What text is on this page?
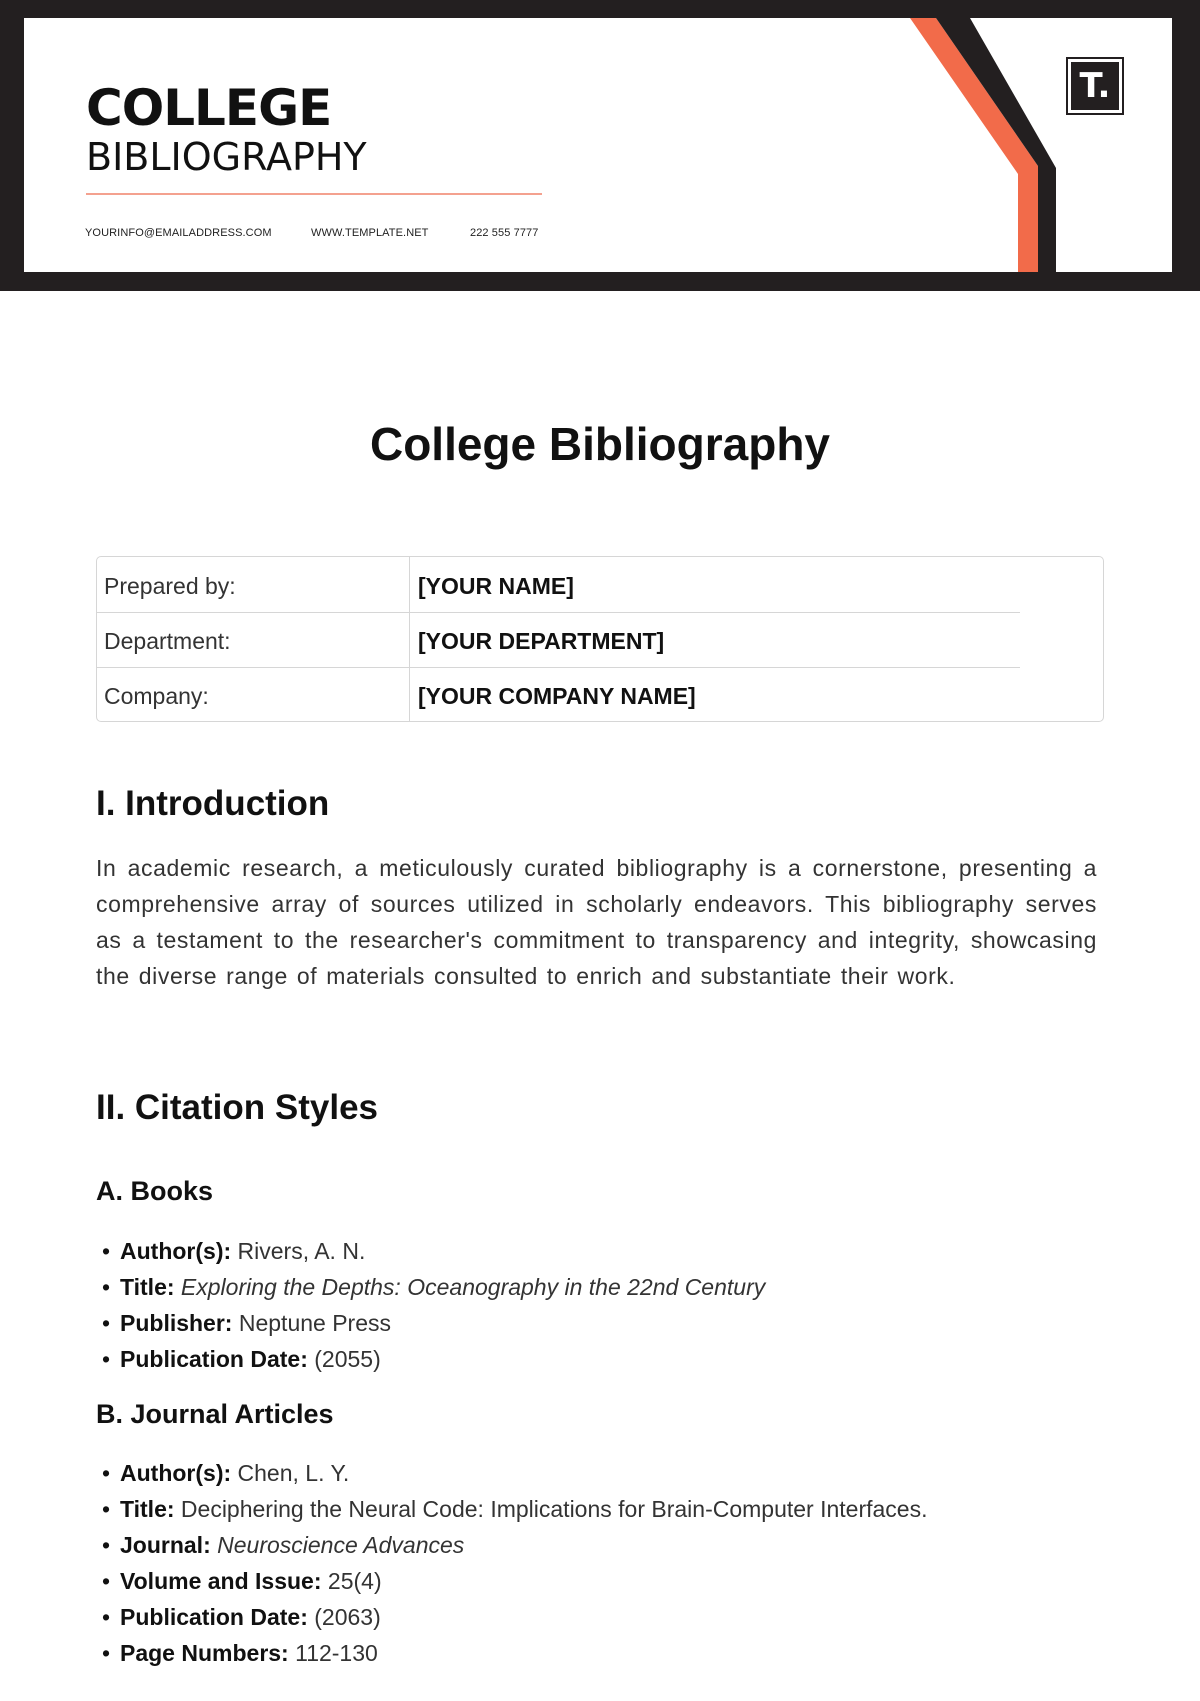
COLLEGE
BIBLIOGRAPHY
YOURINFO@EMAILADDRESS.COM	WWW.TEMPLATE.NET	222 555 7777
T.
College Bibliography
Prepared by:	[YOUR NAME]
Department:	[YOUR DEPARTMENT]
Company:	[YOUR COMPANY NAME]
I. Introduction

In academic research, a meticulously curated bibliography is a cornerstone, presenting a comprehensive array of sources utilized in scholarly endeavors. This bibliography serves as a testament to the researcher's commitment to transparency and integrity, showcasing the diverse range of materials consulted to enrich and substantiate their work.

II. Citation Styles
A. Books
• Author(s): Rivers, A. N.
• Title: Exploring the Depths: Oceanography in the 22nd Century
• Publisher: Neptune Press
• Publication Date: (2055)
B. Journal Articles
• Author(s): Chen, L. Y.
• Title: Deciphering the Neural Code: Implications for Brain-Computer Interfaces.
• Journal: Neuroscience Advances
• Volume and Issue: 25(4)
• Publication Date: (2063)
• Page Numbers: 112-130
